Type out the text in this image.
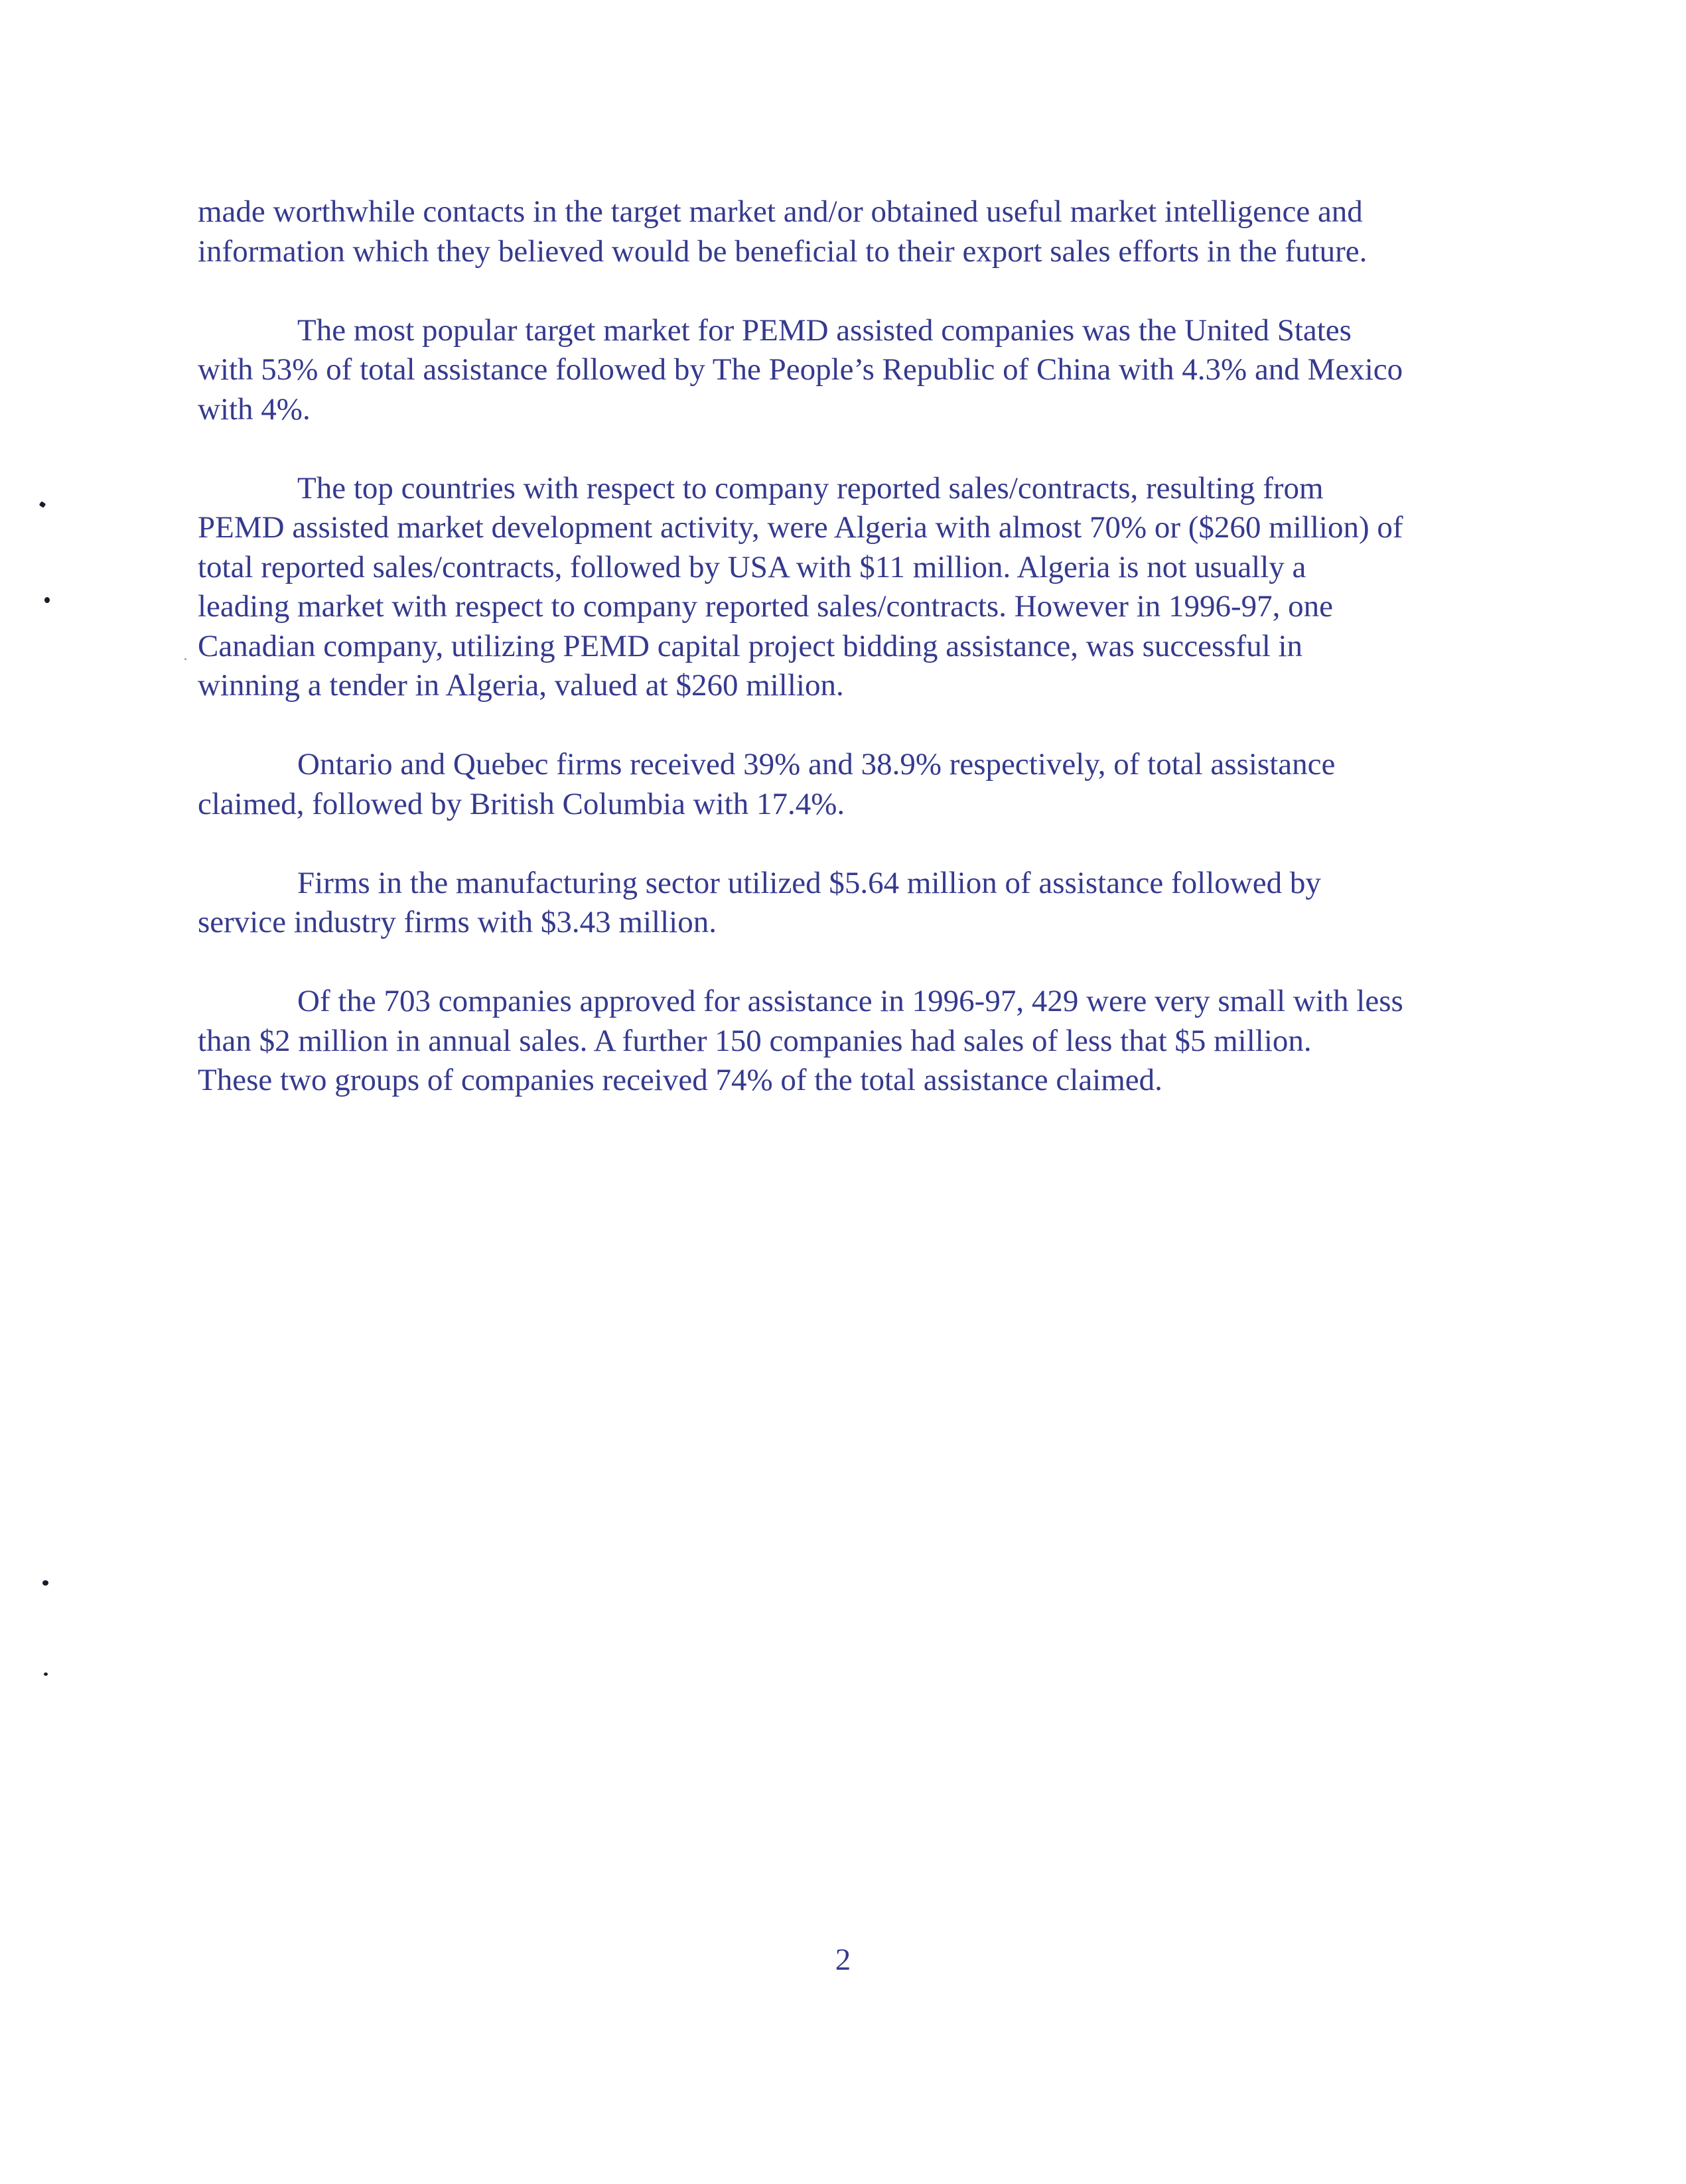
made worthwhile contacts in the target market and/or obtained useful market intelligence and
information which they believed would be beneficial to their export sales efforts in the future.

The most popular target market for PEMD assisted companies was the United States
with 53% of total assistance followed by The People’s Republic of China with 4.3% and Mexico
with 4%.

The top countries with respect to company reported sales/contracts, resulting from
PEMD assisted market development activity, were Algeria with almost 70% or ($260 million) of
total reported sales/contracts, followed by USA with $11 million. Algeria is not usually a
leading market with respect to company reported sales/contracts. However in 1996-97, one
Canadian company, utilizing PEMD capital project bidding assistance, was successful in
winning a tender in Algeria, valued at $260 million.

Ontario and Quebec firms received 39% and 38.9% respectively, of total assistance
claimed, followed by British Columbia with 17.4%.

Firms in the manufacturing sector utilized $5.64 million of assistance followed by
service industry firms with $3.43 million.

Of the 703 companies approved for assistance in 1996-97, 429 were very small with less
than $2 million in annual sales. A further 150 companies had sales of less that $5 million.
These two groups of companies received 74% of the total assistance claimed.

2
